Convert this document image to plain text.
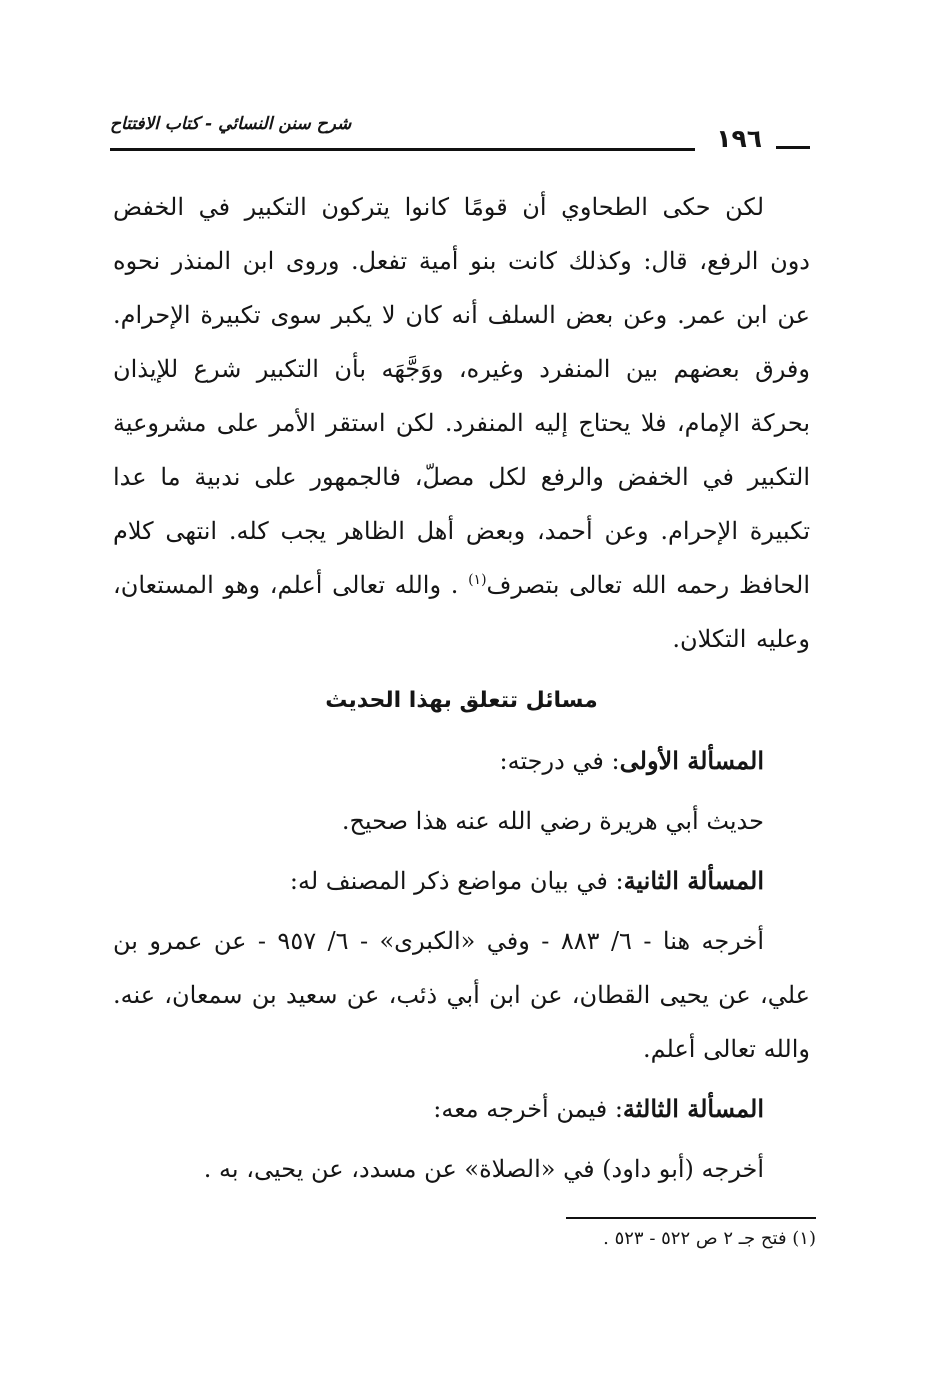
شرح سنن النسائي - كتاب الافتتاح	١٩٦

لكن حكى الطحاوي أن قومًا كانوا يتركون التكبير في الخفض دون الرفع، قال: وكذلك كانت بنو أمية تفعل. وروى ابن المنذر نحوه عن ابن عمر. وعن بعض السلف أنه كان لا يكبر سوى تكبيرة الإحرام. وفرق بعضهم بين المنفرد وغيره، ووَجَّهَه بأن التكبير شرع للإيذان بحركة الإمام، فلا يحتاج إليه المنفرد. لكن استقر الأمر على مشروعية التكبير في الخفض والرفع لكل مصلّ، فالجمهور على ندبية ما عدا تكبيرة الإحرام. وعن أحمد، وبعض أهل الظاهر يجب كله. انتهى كلام الحافظ رحمه الله تعالى بتصرف$^{(١)}$ . والله تعالى أعلم، وهو المستعان، وعليه التكلان.

مسائل تتعلق بهذا الحديث

المسألة الأولى: في درجته:

حديث أبي هريرة رضي الله عنه هذا صحيح.

المسألة الثانية: في بيان مواضع ذكر المصنف له:

أخرجه هنا - ٦/ ٨٨٣ - وفي «الكبرى» - ٦/ ٩٥٧ - عن عمرو بن علي، عن يحيى القطان، عن ابن أبي ذئب، عن سعيد بن سمعان، عنه. والله تعالى أعلم.

المسألة الثالثة: فيمن أخرجه معه:

أخرجه (أبو داود) في «الصلاة» عن مسدد، عن يحيى، به .

(١) فتح جـ ٢ ص ٥٢٢ - ٥٢٣ .
